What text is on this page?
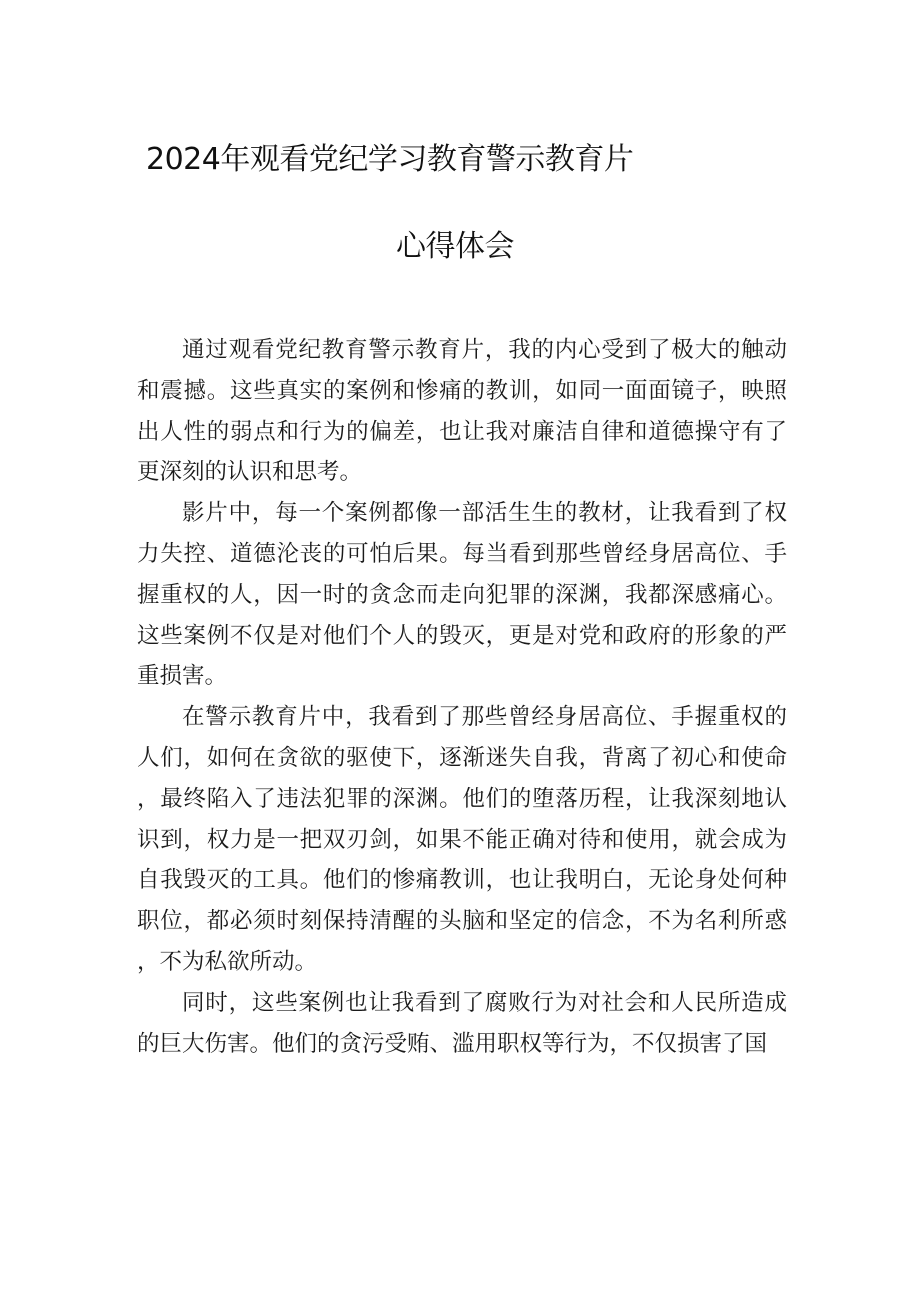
2024年观看党纪学习教育警示教育片
心得体会

通过观看党纪教育警示教育片，我的内心受到了极大的触动和震撼。这些真实的案例和惨痛的教训，如同一面面镜子，映照出人性的弱点和行为的偏差，也让我对廉洁自律和道德操守有了更深刻的认识和思考。

影片中，每一个案例都像一部活生生的教材，让我看到了权力失控、道德沦丧的可怕后果。每当看到那些曾经身居高位、手握重权的人，因一时的贪念而走向犯罪的深渊，我都深感痛心。这些案例不仅是对他们个人的毁灭，更是对党和政府的形象的严重损害。

在警示教育片中，我看到了那些曾经身居高位、手握重权的人们，如何在贪欲的驱使下，逐渐迷失自我，背离了初心和使命，最终陷入了违法犯罪的深渊。他们的堕落历程，让我深刻地认识到，权力是一把双刃剑，如果不能正确对待和使用，就会成为自我毁灭的工具。他们的惨痛教训，也让我明白，无论身处何种职位，都必须时刻保持清醒的头脑和坚定的信念，不为名利所惑，不为私欲所动。

同时，这些案例也让我看到了腐败行为对社会和人民所造成的巨大伤害。他们的贪污受贿、滥用职权等行为，不仅损害了国
